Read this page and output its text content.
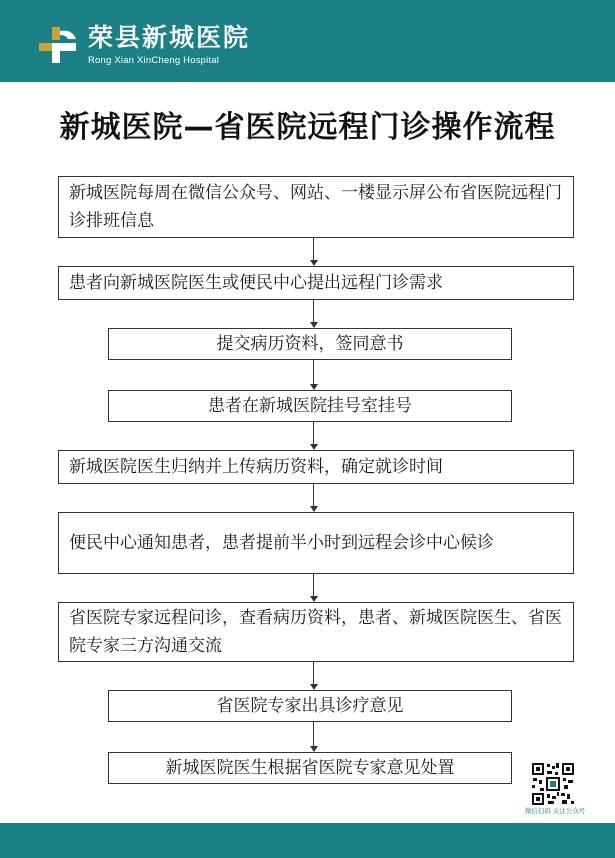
荣县新城医院
Rong Xian XinCheng Hospital
新城医院—省医院远程门诊操作流程
新城医院每周在微信公众号、网站、一楼显示屏公布省医院远程门诊排班信息
患者向新城医院医生或便民中心提出远程门诊需求
提交病历资料，签同意书
患者在新城医院挂号室挂号
新城医院医生归纳并上传病历资料，确定就诊时间
便民中心通知患者，患者提前半小时到远程会诊中心候诊
省医院专家远程问诊，查看病历资料，患者、新城医院医生、省医院专家三方沟通交流
省医院专家出具诊疗意见
新城医院医生根据省医院专家意见处置
微信扫码 关注公众号
